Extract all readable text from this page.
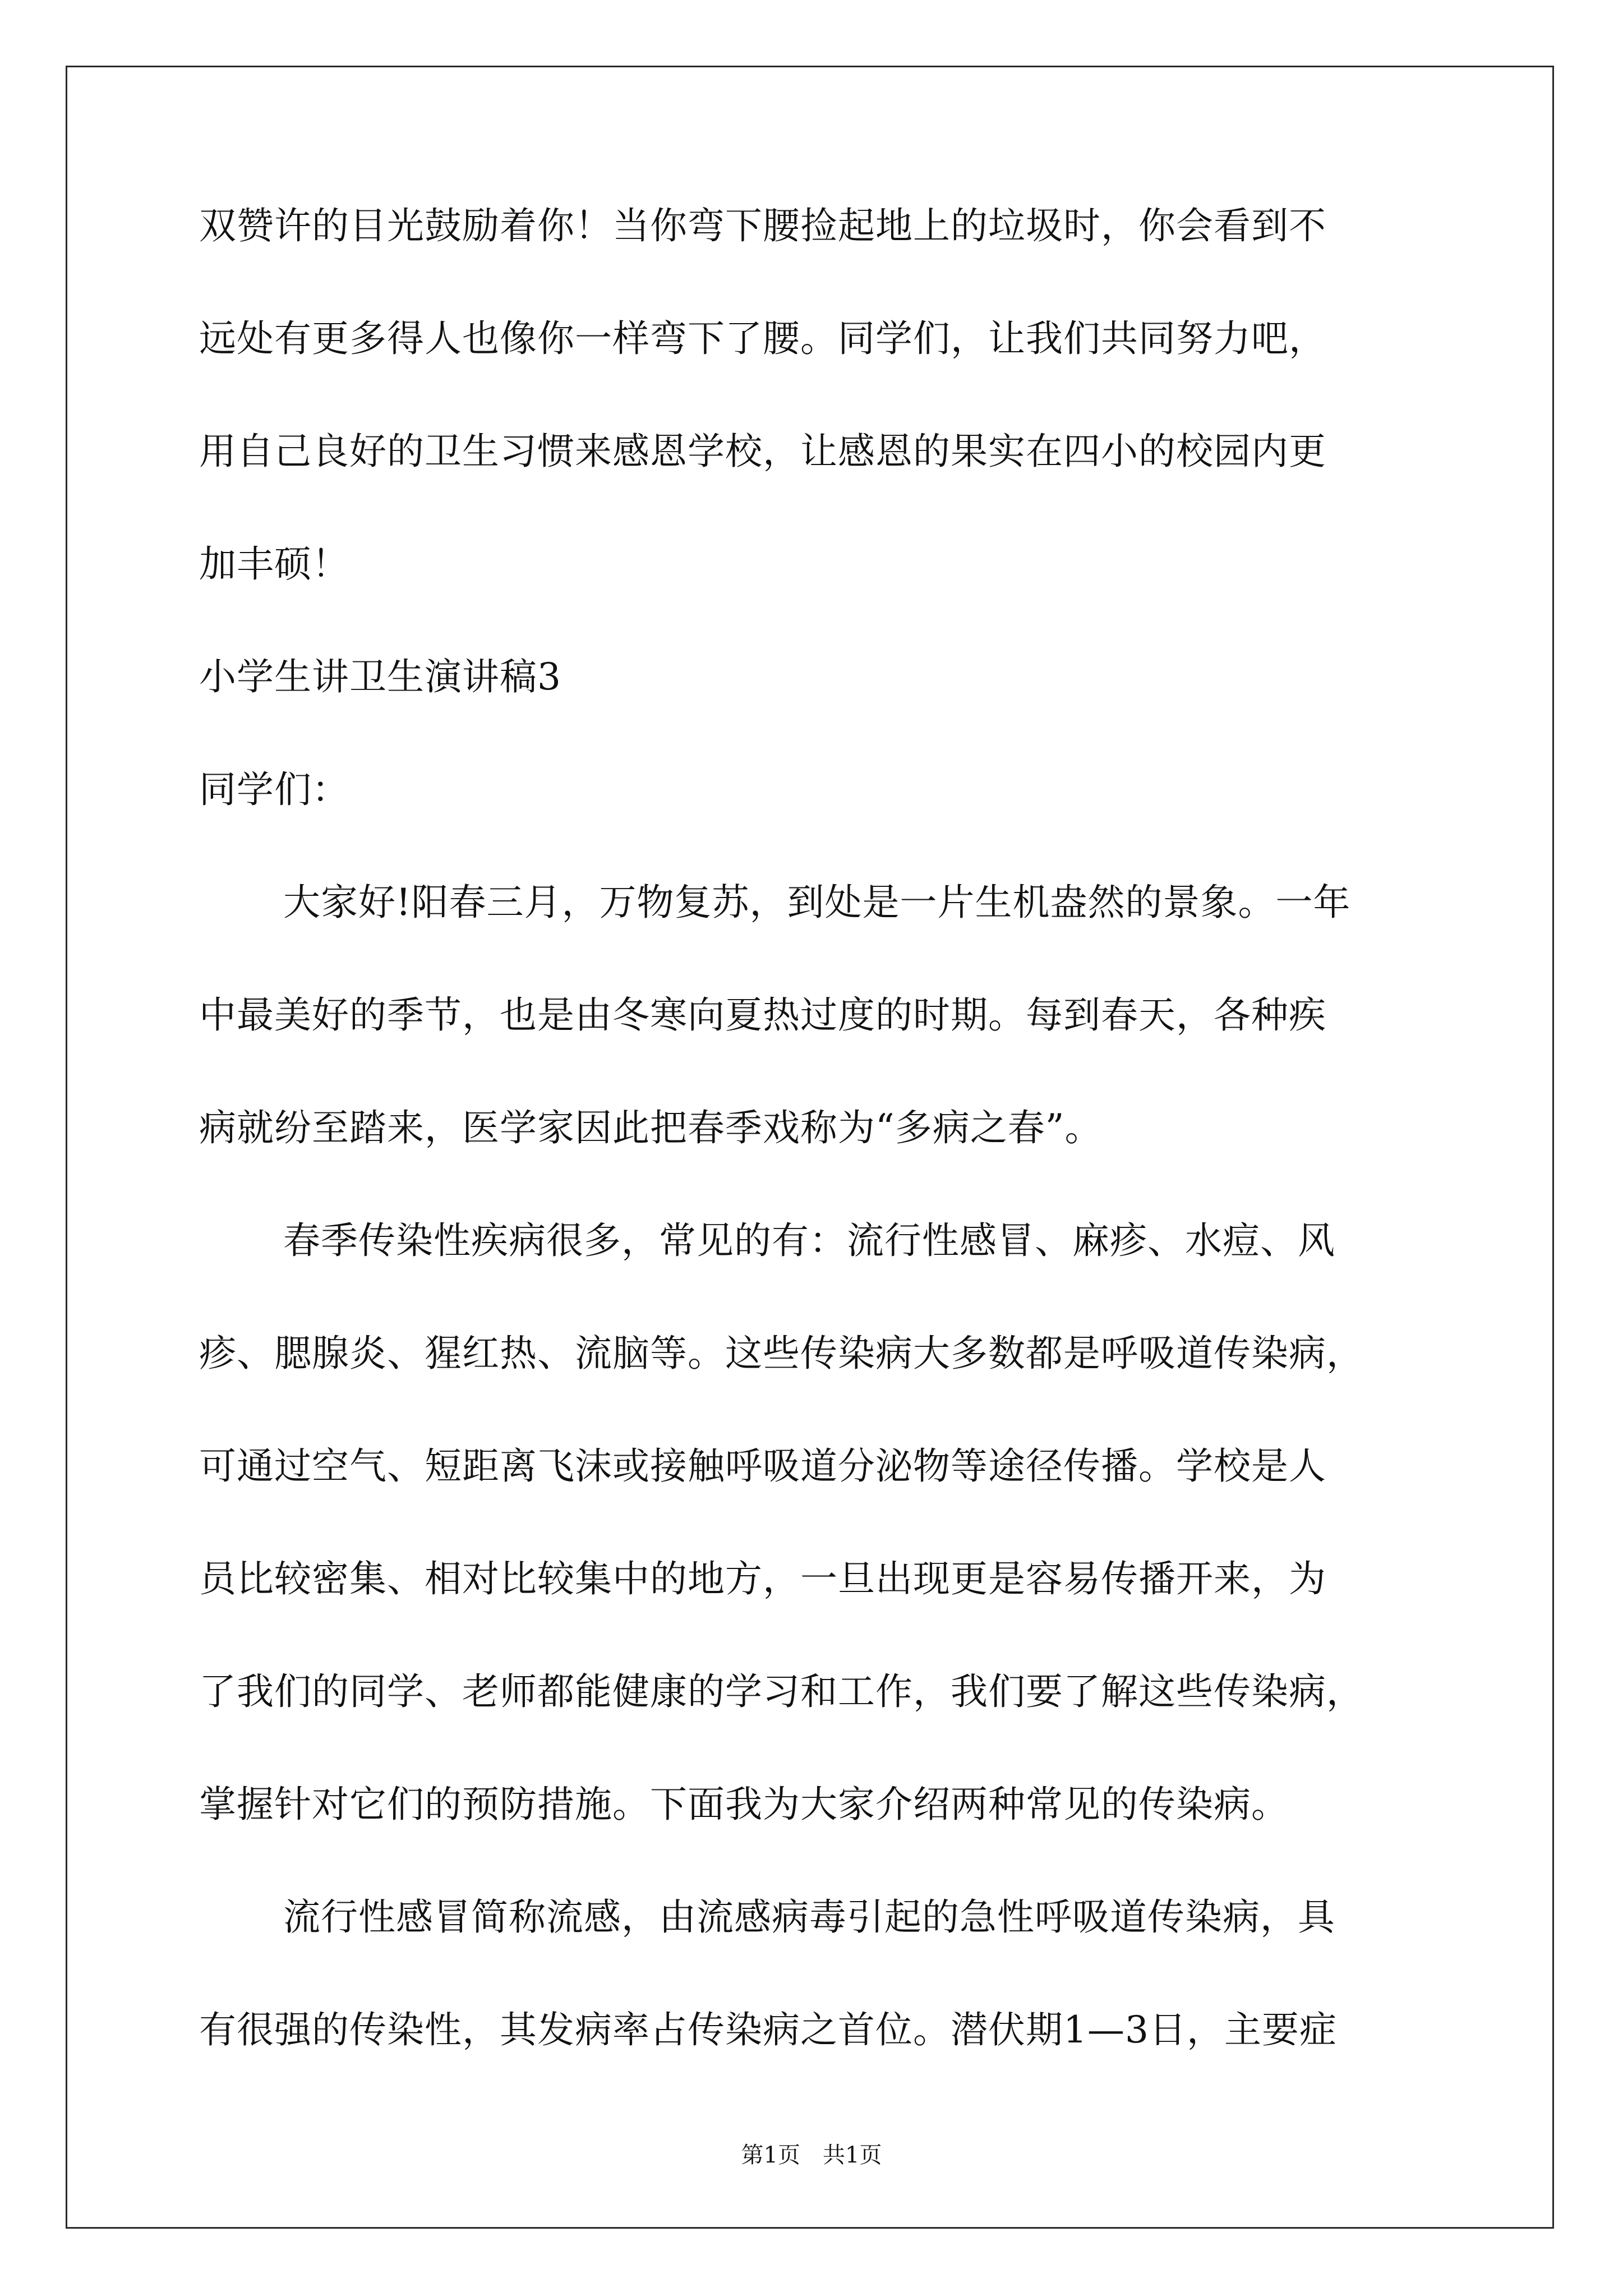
双赞许的目光鼓励着你！当你弯下腰捡起地上的垃圾时，你会看到不

远处有更多得人也像你一样弯下了腰。同学们，让我们共同努力吧，

用自己良好的卫生习惯来感恩学校，让感恩的果实在四小的校园内更

加丰硕！

小学生讲卫生演讲稿3

同学们：

大家好!阳春三月，万物复苏，到处是一片生机盎然的景象。一年

中最美好的季节，也是由冬寒向夏热过度的时期。每到春天，各种疾

病就纷至踏来，医学家因此把春季戏称为“多病之春”。

春季传染性疾病很多，常见的有：流行性感冒、麻疹、水痘、风

疹、腮腺炎、猩红热、流脑等。这些传染病大多数都是呼吸道传染病，

可通过空气、短距离飞沫或接触呼吸道分泌物等途径传播。学校是人

员比较密集、相对比较集中的地方，一旦出现更是容易传播开来，为

了我们的同学、老师都能健康的学习和工作，我们要了解这些传染病，

掌握针对它们的预防措施。下面我为大家介绍两种常见的传染病。

流行性感冒简称流感，由流感病毒引起的急性呼吸道传染病，具

有很强的传染性，其发病率占传染病之首位。潜伏期1—3日，主要症

第1页　共1页
